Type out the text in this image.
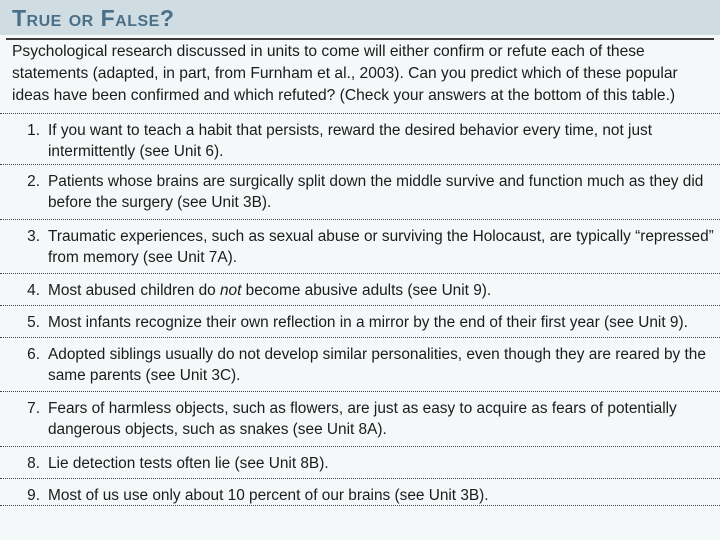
True or False?

Psychological research discussed in units to come will either confirm or refute each of these statements (adapted, in part, from Furnham et al., 2003). Can you predict which of these popular ideas have been confirmed and which refuted? (Check your answers at the bottom of this table.)

1. If you want to teach a habit that persists, reward the desired behavior every time, not just intermittently (see Unit 6).

2. Patients whose brains are surgically split down the middle survive and function much as they did before the surgery (see Unit 3B).

3. Traumatic experiences, such as sexual abuse or surviving the Holocaust, are typically “repressed” from memory (see Unit 7A).

4. Most abused children do not become abusive adults (see Unit 9).

5. Most infants recognize their own reflection in a mirror by the end of their first year (see Unit 9).

6. Adopted siblings usually do not develop similar personalities, even though they are reared by the same parents (see Unit 3C).

7. Fears of harmless objects, such as flowers, are just as easy to acquire as fears of potentially dangerous objects, such as snakes (see Unit 8A).

8. Lie detection tests often lie (see Unit 8B).

9. Most of us use only about 10 percent of our brains (see Unit 3B).
